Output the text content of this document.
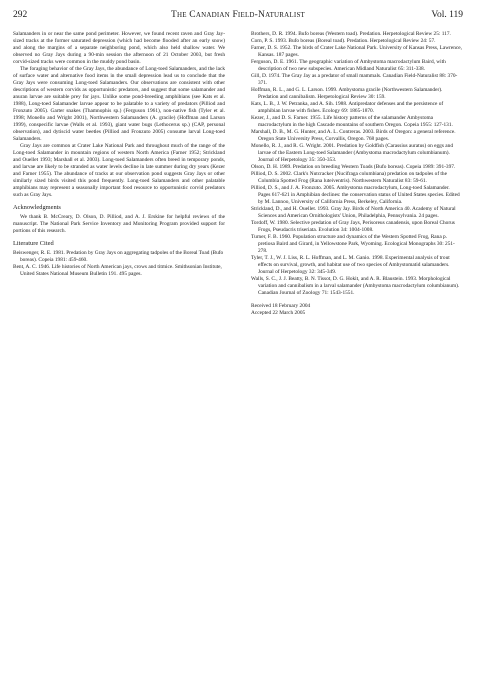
292	The Canadian Field-Naturalist	Vol. 119

Salamanders in or near the same pond perimeter. However, we found recent raven and Gray Jay-sized tracks at the former saturated depression (which had become flooded after an early snow) and along the margins of a separate neighboring pond, which also held shallow water. We observed no Gray Jays during a 90-min session the afternoon of 21 October 2003, but fresh corvid-sized tracks were common in the muddy pond basin.

The foraging behavior of the Gray Jays, the abundance of Long-toed Salamanders, and the lack of surface water and alternative food items in the small depression lead us to conclude that the Gray Jays were consuming Long-toed Salamanders. Our observations are consistent with other descriptions of western corvids as opportunistic predators, and suggest that some salamander and anuran larvae are suitable prey for jays. Unlike some pond-breeding amphibians (see Kats et al. 1988), Long-toed Salamander larvae appear to be palatable to a variety of predators (Pilliod and Fronzuto 2005). Garter snakes (Thamnophis sp.) (Ferguson 1961), non-native fish (Tyler et al. 1998; Monello and Wright 2001), Northwestern Salamanders (A. gracile) (Hoffman and Larson 1999), conspecific larvae (Walls et al. 1993), giant water bugs (Lethocerus sp.) (CAP, personal observation), and dytiscid water beetles (Pilliod and Fronzuto 2005) consume larval Long-toed Salamanders.

Gray Jays are common at Crater Lake National Park and throughout much of the range of the Long-toed Salamander in mountain regions of western North America (Farner 1952; Strickland and Ouellet 1993; Marshall et al. 2003). Long-toed Salamanders often breed in temporary ponds, and larvae are likely to be stranded as water levels decline in late summer during dry years (Kezer and Farner 1955). The abundance of tracks at our observation pond suggests Gray Jays or other similarly sized birds visited this pond frequently. Long-toed Salamanders and other palatable amphibians may represent a seasonally important food resource to opportunistic corvid predators such as Gray Jays.

Acknowledgments

We thank B. McCreary, D. Olson, D. Pilliod, and A. J. Erskine for helpful reviews of the manuscript. The National Park Service Inventory and Monitoring Program provided support for portions of this research.

Literature Cited
Beiswenger, R. E. 1981. Predation by Gray Jays on aggregating tadpoles of the Boreal Toad (Bufo boreas). Copeia 1981: 459-460.
Bent, A. C. 1946. Life histories of North American jays, crows and titmice. Smithsonian Institute, United States National Museum Bulletin 191. 495 pages.
Brothers, D. R. 1994. Bufo boreas (Western toad). Predation. Herpetological Review 25: 117.
Corn, P. S. 1993. Bufo boreas (Boreal toad). Predation. Herpetological Review 24: 57.
Farner, D. S. 1952. The birds of Crater Lake National Park. University of Kansas Press, Lawrence, Kansas. 187 pages.
Ferguson, D. E. 1961. The geographic variation of Ambystoma macrodactylum Baird, with description of two new subspecies. American Midland Naturalist 65: 311-338.
Gill, D. 1974. The Gray Jay as a predator of small mammals. Canadian Field-Naturalist 88: 370-371.
Hoffman, R. L., and G. L. Larson. 1999. Ambystoma gracile (Northwestern Salamander). Predation and cannibalism. Herpetological Review 30: 159.
Kats, L. B., J. W. Petranka, and A. Sih. 1988. Antipredator defenses and the persistence of amphibian larvae with fishes. Ecology 69: 1865-1870.
Kezer, J., and D. S. Farner. 1955. Life history patterns of the salamander Ambystoma macrodactylum in the high Cascade mountains of southern Oregon. Copeia 1955: 127-131.
Marshall, D. B., M. G. Hunter, and A. L. Contreras. 2003. Birds of Oregon: a general reference. Oregon State University Press, Corvallis, Oregon. 768 pages.
Monello, R. J., and R. G. Wright. 2001. Predation by Goldfish (Carassius auratus) on eggs and larvae of the Eastern Long-toed Salamander (Ambystoma macrodactylum columbianum). Journal of Herpetology 35: 350-353.
Olson, D. H. 1989. Predation on breeding Western Toads (Bufo boreas). Copeia 1989: 391-397.
Pilliod, D. S. 2002. Clark's Nutcracker (Nucifraga columbiana) predation on tadpoles of the Columbia Spotted Frog (Rana luteiventris). Northwestern Naturalist 83: 59-61.
Pilliod, D. S., and J. A. Fronzuto. 2005. Ambystoma macrodactylum, Long-toed Salamander. Pages 617-621 in Amphibian declines: the conservation status of United States species. Edited by M. Lannoo, University of California Press, Berkeley, California.
Strickland, D., and H. Ouellet. 1993. Gray Jay. Birds of North America 40. Academy of Natural Sciences and American Ornithologists' Union, Philadelphia, Pennsylvania. 24 pages.
Tordoff, W. 1980. Selective predation of Gray Jays, Perisoreus canadensis, upon Boreal Chorus Frogs, Pseudacris triseriata. Evolution 34: 1004-1008.
Turner, F. B. 1960. Population structure and dynamics of the Western Spotted Frog, Rana p. pretiosa Baird and Girard, in Yellowstone Park, Wyoming. Ecological Monographs 30: 251-278.
Tyler, T. J., W. J. Liss, R. L. Hoffman, and L. M. Ganio. 1998. Experimental analysis of trout effects on survival, growth, and habitat use of two species of Ambystomatid salamanders. Journal of Herpetology 32: 345-349.
Walls, S. C., J. J. Beatty, B. N. Tissot, D. G. Hokit, and A. R. Blaustein. 1993. Morphological variation and cannibalism in a larval salamander (Ambystoma macrodactylum columbianum). Canadian Journal of Zoology 71: 1543-1551.
Received 18 February 2004
Accepted 22 March 2005
